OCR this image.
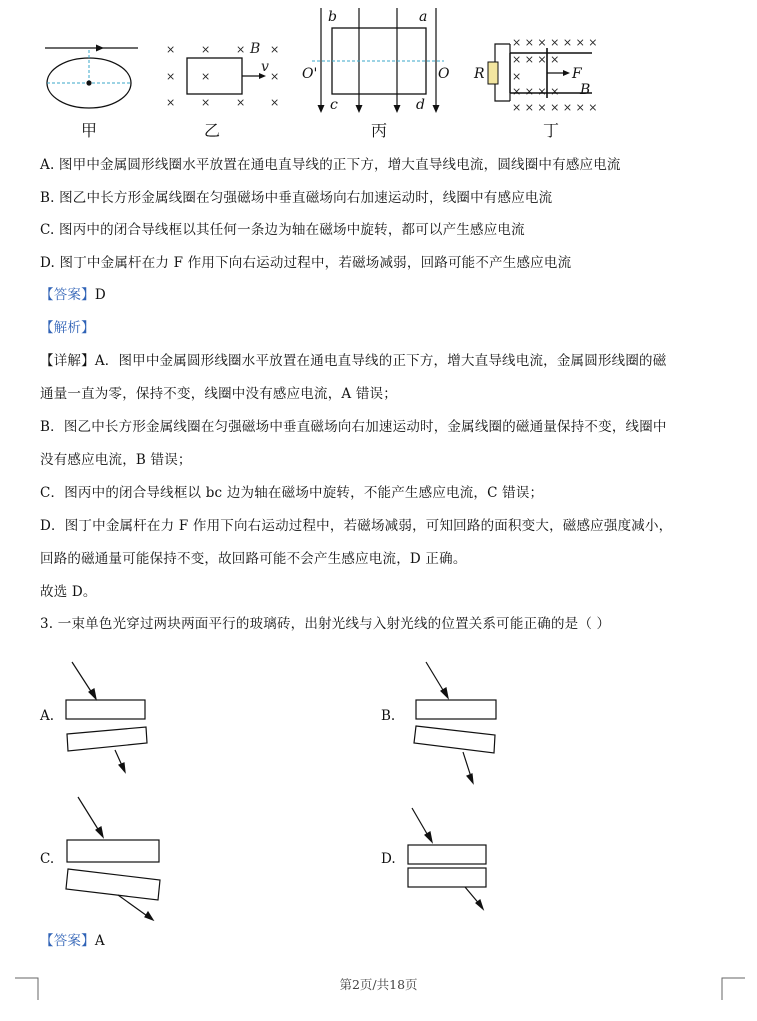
× × × ×
× ×	×
× × × ×
B
v
b	a
c	d
O'	O
× × × × × × ×
× × × ×
×
× × × ×
× × × × × × ×
R	F
B
甲	乙	丙	丁
A. 图甲中金属圆形线圈水平放置在通电直导线的正下方，增大直导线电流，圆线圈中有感应电流
B. 图乙中长方形金属线圈在匀强磁场中垂直磁场向右加速运动时，线圈中有感应电流
C. 图丙中的闭合导线框以其任何一条边为轴在磁场中旋转，都可以产生感应电流
D. 图丁中金属杆在力 F 作用下向右运动过程中，若磁场减弱，回路可能不产生感应电流
【答案】D
【解析】
【详解】A．图甲中金属圆形线圈水平放置在通电直导线的正下方，增大直导线电流，金属圆形线圈的磁
通量一直为零，保持不变，线圈中没有感应电流，A 错误；
B．图乙中长方形金属线圈在匀强磁场中垂直磁场向右加速运动时，金属线圈的磁通量保持不变，线圈中
没有感应电流，B 错误；
C．图丙中的闭合导线框以 bc 边为轴在磁场中旋转，不能产生感应电流，C 错误；
D．图丁中金属杆在力 F 作用下向右运动过程中，若磁场减弱，可知回路的面积变大，磁感应强度减小，
回路的磁通量可能保持不变，故回路可能不会产生感应电流，D 正确。
故选 D。
3. 一束单色光穿过两块两面平行的玻璃砖，出射光线与入射光线的位置关系可能正确的是（ ）
A.	B.
C.	D.
【答案】A
第2页/共18页
